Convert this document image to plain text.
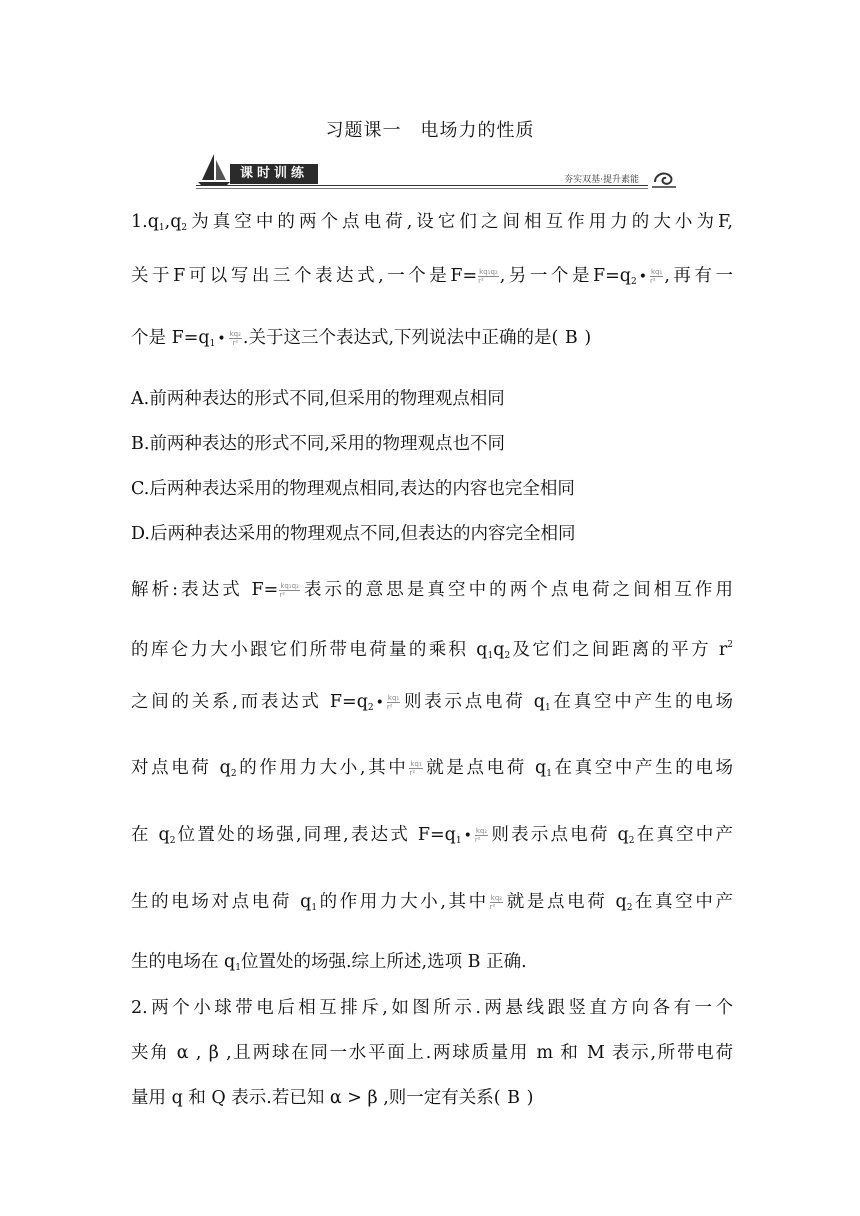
习题课一　电场力的性质
课时训练	夯实双基·提升素能
$1.q_1,q_2$为真空中的两个点电荷,设它们之间相互作用力的大小为F,
关于F可以写出三个表达式,一个是$F= \frac{\text{kq₁q₂}}{\text{r²}}$ ,另一个是$F=q_2$ • $\frac{\text{kq₁}}{\text{r²}}$ ,再有一
个是 $F=q_1$ • $\frac{\text{kq₂}}{\text{r²}}$ .关于这三个表达式,下列说法中正确的是( B )
A.前两种表达的形式不同,但采用的物理观点相同
B.前两种表达的形式不同,采用的物理观点也不同
C.后两种表达采用的物理观点相同,表达的内容也完全相同
D.后两种表达采用的物理观点不同,但表达的内容完全相同
解析:表达式 $F= \frac{\text{kq₁q₂}}{\text{r²}}$ 表示的意思是真空中的两个点电荷之间相互作用
的库仑力大小跟它们所带电荷量的乘积 $q_1q_2$及它们之间距离的平方 $r^2$
之间的关系,而表达式 $F=q_2$ • $\frac{\text{kq₁}}{\text{r²}}$ 则表示点电荷 $q_1$在真空中产生的电场
对点电荷 $q_2$的作用力大小,其中 $\frac{\text{kq₁}}{\text{r²}}$ 就是点电荷 $q_1$在真空中产生的电场
在 $q_2$位置处的场强,同理,表达式 $F=q_1$ • $\frac{\text{kq₂}}{\text{r²}}$ 则表示点电荷 $q_2$在真空中产
生的电场对点电荷 $q_1$的作用力大小,其中 $\frac{\text{kq₂}}{\text{r²}}$ 就是点电荷 $q_2$在真空中产
生的电场在 $q_1$位置处的场强.综上所述,选项 B 正确.
2.两个小球带电后相互排斥,如图所示.两悬线跟竖直方向各有一个
夹角 α , β ,且两球在同一水平面上.两球质量用 m 和 M 表示,所带电荷
量用 q 和 Q 表示.若已知 α > β ,则一定有关系( B )
